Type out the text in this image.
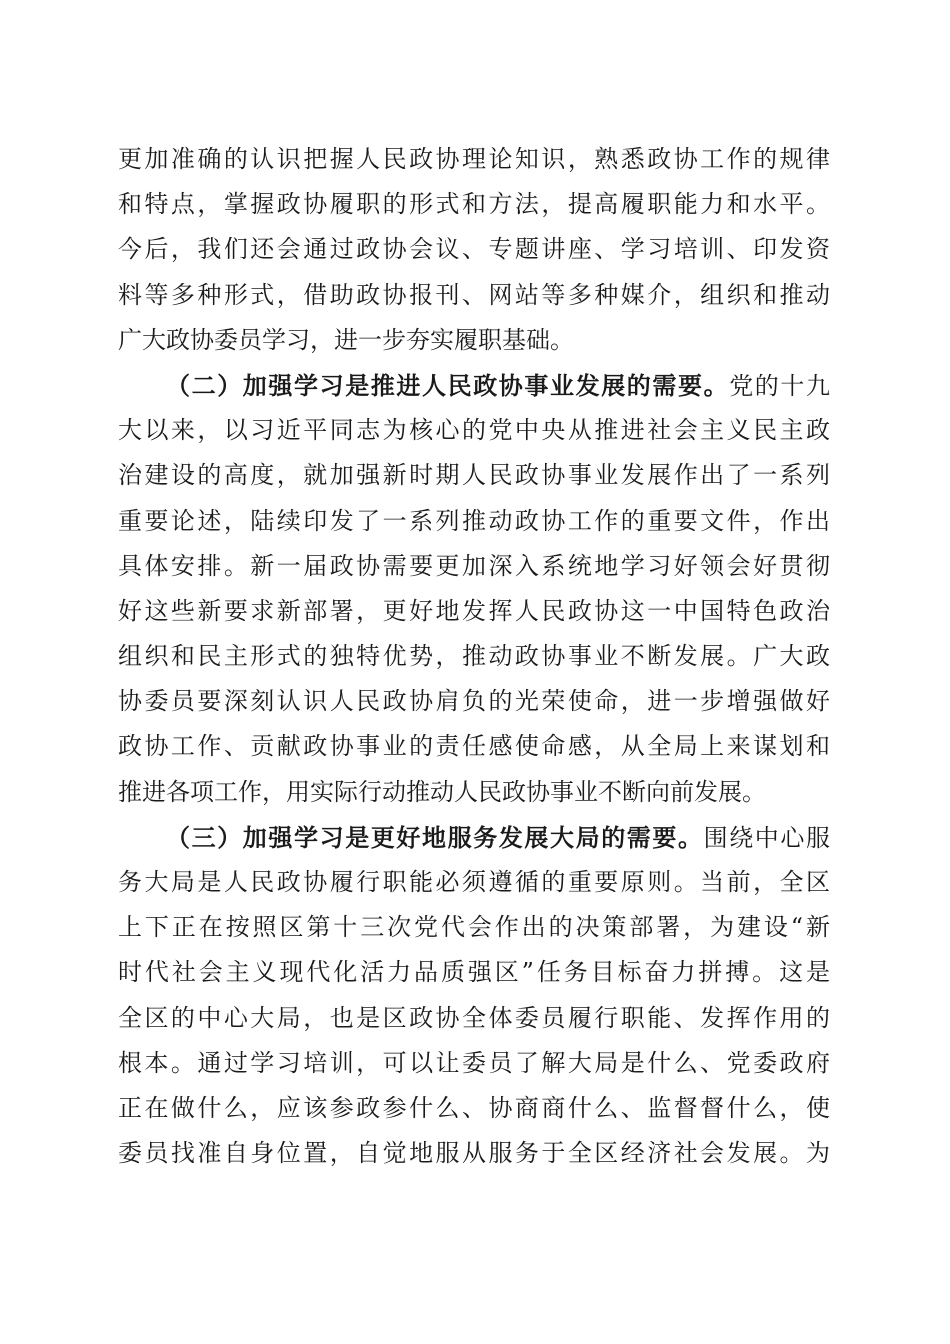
更加准确的认识把握人民政协理论知识，熟悉政协工作的规律
和特点，掌握政协履职的形式和方法，提高履职能力和水平。
今后，我们还会通过政协会议、专题讲座、学习培训、印发资
料等多种形式，借助政协报刊、网站等多种媒介，组织和推动
广大政协委员学习，进一步夯实履职基础。
（二）加强学习是推进人民政协事业发展的需要。党的十九
大以来，以习近平同志为核心的党中央从推进社会主义民主政
治建设的高度，就加强新时期人民政协事业发展作出了一系列
重要论述，陆续印发了一系列推动政协工作的重要文件，作出
具体安排。新一届政协需要更加深入系统地学习好领会好贯彻
好这些新要求新部署，更好地发挥人民政协这一中国特色政治
组织和民主形式的独特优势，推动政协事业不断发展。广大政
协委员要深刻认识人民政协肩负的光荣使命，进一步增强做好
政协工作、贡献政协事业的责任感使命感，从全局上来谋划和
推进各项工作，用实际行动推动人民政协事业不断向前发展。
（三）加强学习是更好地服务发展大局的需要。围绕中心服
务大局是人民政协履行职能必须遵循的重要原则。当前，全区
上下正在按照区第十三次党代会作出的决策部署，为建设“新
时代社会主义现代化活力品质强区”任务目标奋力拼搏。这是
全区的中心大局，也是区政协全体委员履行职能、发挥作用的
根本。通过学习培训，可以让委员了解大局是什么、党委政府
正在做什么，应该参政参什么、协商商什么、监督督什么，使
委员找准自身位置，自觉地服从服务于全区经济社会发展。为
